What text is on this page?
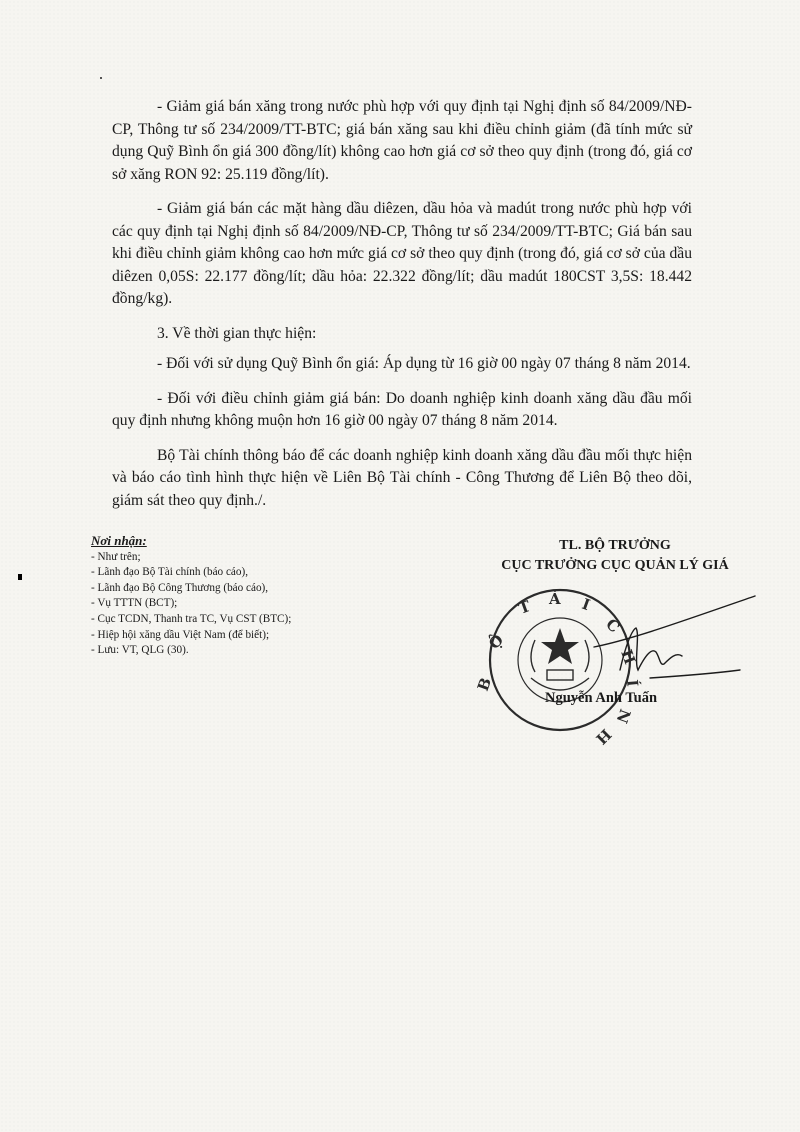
- Giảm giá bán xăng trong nước phù hợp với quy định tại Nghị định số 84/2009/NĐ-CP, Thông tư số 234/2009/TT-BTC; giá bán xăng sau khi điều chỉnh giảm (đã tính mức sử dụng Quỹ Bình ổn giá 300 đồng/lít) không cao hơn giá cơ sở theo quy định (trong đó, giá cơ sở xăng RON 92: 25.119 đồng/lít).

- Giảm giá bán các mặt hàng dầu diêzen, dầu hỏa và madút trong nước phù hợp với các quy định tại Nghị định số 84/2009/NĐ-CP, Thông tư số 234/2009/TT-BTC; Giá bán sau khi điều chỉnh giảm không cao hơn mức giá cơ sở theo quy định (trong đó, giá cơ sở của dầu diêzen 0,05S: 22.177 đồng/lít; dầu hỏa: 22.322 đồng/lít; dầu madút 180CST 3,5S: 18.442 đồng/kg).

3. Về thời gian thực hiện:

- Đối với sử dụng Quỹ Bình ổn giá: Áp dụng từ 16 giờ 00 ngày 07 tháng 8 năm 2014.

- Đối với điều chỉnh giảm giá bán: Do doanh nghiệp kinh doanh xăng dầu đầu mối quy định nhưng không muộn hơn 16 giờ 00 ngày 07 tháng 8 năm 2014.

Bộ Tài chính thông báo để các doanh nghiệp kinh doanh xăng dầu đầu mối thực hiện và báo cáo tình hình thực hiện về Liên Bộ Tài chính - Công Thương để Liên Bộ theo dõi, giám sát theo quy định./.

Nơi nhận:
- Như trên;
- Lãnh đạo Bộ Tài chính (báo cáo),
- Lãnh đạo Bộ Công Thương (báo cáo),
- Vụ TTTN (BCT);
- Cục TCDN, Thanh tra TC, Vụ CST (BTC);
- Hiệp hội xăng dầu Việt Nam (để biết);
- Lưu: VT, QLG (30).
TL. BỘ TRƯỞNG
CỤC TRƯỞNG CỤC QUẢN LÝ GIÁ
B
Ộ
T À I
C
H
Í
N
H
Nguyễn Anh Tuấn
